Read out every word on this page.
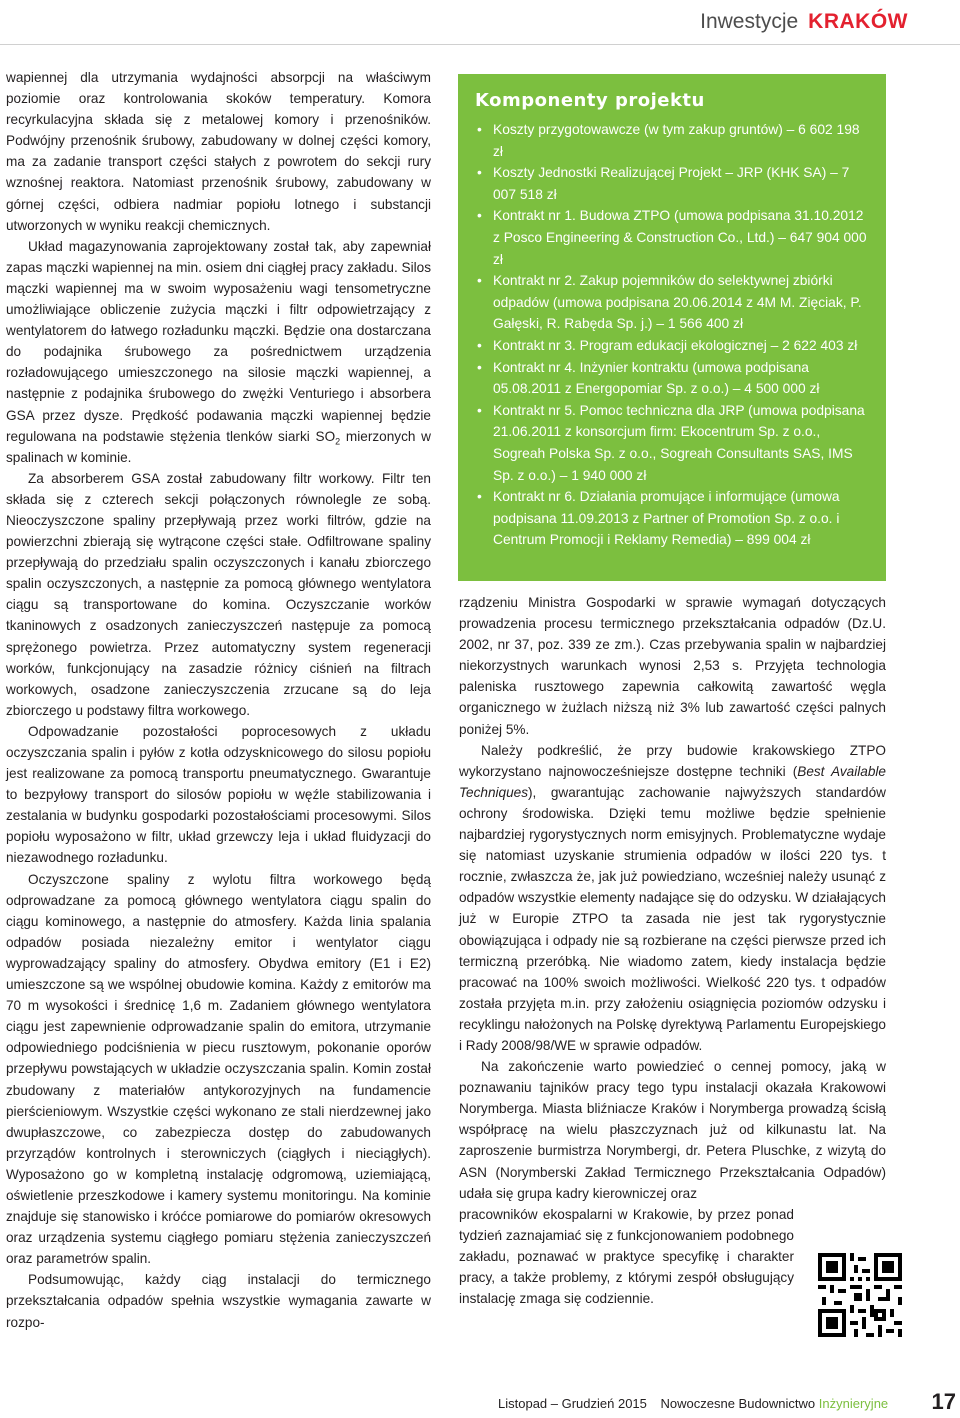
Inwestycje KRAKÓW

wapiennej dla utrzymania wydajności absorpcji na właściwym poziomie oraz kontrolowania skoków temperatury. Komora recyrkulacyjna składa się z metalowej komory i przenośników. Podwójny przenośnik śrubowy, zabudowany w dolnej części komory, ma za zadanie transport części stałych z powrotem do sekcji rury wznośnej reaktora. Natomiast przenośnik śrubowy, zabudowany w górnej części, odbiera nadmiar popiołu lotnego i substancji utworzonych w wyniku reakcji chemicznych.

Układ magazynowania zaprojektowany został tak, aby zapewniał zapas mączki wapiennej na min. osiem dni ciągłej pracy zakładu. Silos mączki wapiennej ma w swoim wyposażeniu wagi tensometryczne umożliwiające obliczenie zużycia mączki i filtr odpowietrzający z wentylatorem do łatwego rozładunku mączki. Będzie ona dostarczana do podajnika śrubowego za pośrednictwem urządzenia rozładowującego umieszczonego na silosie mączki wapiennej, a następnie z podajnika śrubowego do zwężki Venturiego i absorbera GSA przez dysze. Prędkość podawania mączki wapiennej będzie regulowana na podstawie stężenia tlenków siarki $SO_2$ mierzonych w spalinach w kominie.

Za absorberem GSA został zabudowany filtr workowy. Filtr ten składa się z czterech sekcji połączonych równolegle ze sobą. Nieoczyszczone spaliny przepływają przez worki filtrów, gdzie na powierzchni zbierają się wytrącone części stałe. Odfiltrowane spaliny przepływają do przedziału spalin oczyszczonych i kanału zbiorczego spalin oczyszczonych, a następnie za pomocą głównego wentylatora ciągu są transportowane do komina. Oczyszczanie worków tkaninowych z osadzonych zanieczyszczeń następuje za pomocą sprężonego powietrza. Przez automatyczny system regeneracji worków, funkcjonujący na zasadzie różnicy ciśnień na filtrach workowych, osadzone zanieczyszczenia zrzucane są do leja zbiorczego u podstawy filtra workowego.

Odpowadzanie pozostałości poprocesowych z układu oczyszczania spalin i pyłów z kotła odzysknicowego do silosu popiołu jest realizowane za pomocą transportu pneumatycznego. Gwarantuje to bezpyłowy transport do silosów popiołu w węźle stabilizowania i zestalania w budynku gospodarki pozostałościami procesowymi. Silos popiołu wyposażono w filtr, układ grzewczy leja i układ fluidyzacji do niezawodnego rozładunku.

Oczyszczone spaliny z wylotu filtra workowego będą odprowadzane za pomocą głównego wentylatora ciągu spalin do ciągu kominowego, a następnie do atmosfery. Każda linia spalania odpadów posiada niezależny emitor i wentylator ciągu wyprowadzający spaliny do atmosfery. Obydwa emitory (E1 i E2) umieszczone są we wspólnej obudowie komina. Każdy z emitorów ma 70 m wysokości i średnicę 1,6 m. Zadaniem głównego wentylatora ciągu jest zapewnienie odprowadzanie spalin do emitora, utrzymanie odpowiedniego podciśnienia w piecu rusztowym, pokonanie oporów przepływu powstających w układzie oczyszczania spalin. Komin został zbudowany z materiałów antykorozyjnych na fundamencie pierścieniowym. Wszystkie części wykonano ze stali nierdzewnej jako dwupłaszczowe, co zabezpiecza dostęp do zabudowanych przyrządów kontrolnych i sterowniczych (ciągłych i nieciągłych). Wyposażono go w kompletną instalację odgromową, uziemiającą, oświetlenie przeszkodowe i kamery systemu monitoringu. Na kominie znajduje się stanowisko i króćce pomiarowe do pomiarów okresowych oraz urządzenia systemu ciągłego pomiaru stężenia zanieczyszczeń oraz parametrów spalin.

Podsumowując, każdy ciąg instalacji do termicznego przekształcania odpadów spełnia wszystkie wymagania zawarte w rozpo-

Komponenty projektu
• Koszty przygotowawcze (w tym zakup gruntów) – 6 602 198 zł
• Koszty Jednostki Realizującej Projekt – JRP (KHK SA) – 7 007 518 zł
• Kontrakt nr 1. Budowa ZTPO (umowa podpisana 31.10.2012 z Posco Engineering & Construction Co., Ltd.) – 647 904 000 zł
• Kontrakt nr 2. Zakup pojemników do selektywnej zbiórki odpadów (umowa podpisana 20.06.2014 z 4M M. Zięciak, P. Gałęski, R. Rabęda Sp. j.) – 1 566 400 zł
• Kontrakt nr 3. Program edukacji ekologicznej – 2 622 403 zł
• Kontrakt nr 4. Inżynier kontraktu (umowa podpisana 05.08.2011 z Energopomiar Sp. z o.o.) – 4 500 000 zł
• Kontrakt nr 5. Pomoc techniczna dla JRP (umowa podpisana 21.06.2011 z konsorcjum firm: Ekocentrum Sp. z o.o., Sogreah Polska Sp. z o.o., Sogreah Consultants SAS, IMS Sp. z o.o.) – 1 940 000 zł
• Kontrakt nr 6. Działania promujące i informujące (umowa podpisana 11.09.2013 z Partner of Promotion Sp. z o.o. i Centrum Promocji i Reklamy Remedia) – 899 004 zł

rządzeniu Ministra Gospodarki w sprawie wymagań dotyczących prowadzenia procesu termicznego przekształcania odpadów (Dz.U. 2002, nr 37, poz. 339 ze zm.). Czas przebywania spalin w najbardziej niekorzystnych warunkach wynosi 2,53 s. Przyjęta technologia paleniska rusztowego zapewnia całkowitą zawartość węgla organicznego w żużlach niższą niż 3% lub zawartość części palnych poniżej 5%.

Należy podkreślić, że przy budowie krakowskiego ZTPO wykorzystano najnowocześniejsze dostępne techniki (Best Available Techniques), gwarantując zachowanie najwyższych standardów ochrony środowiska. Dzięki temu możliwe będzie spełnienie najbardziej rygorystycznych norm emisyjnych. Problematyczne wydaje się natomiast uzyskanie strumienia odpadów w ilości 220 tys. t rocznie, zwłaszcza że, jak już powiedziano, wcześniej należy usunąć z odpadów wszystkie elementy nadające się do odzysku. W działających już w Europie ZTPO ta zasada nie jest tak rygorystycznie obowiązująca i odpady nie są rozbierane na części pierwsze przed ich termiczną przeróbką. Nie wiadomo zatem, kiedy instalacja będzie pracować na 100% swoich możliwości. Wielkość 220 tys. t odpadów została przyjęta m.in. przy założeniu osiągnięcia poziomów odzysku i recyklingu nałożonych na Polskę dyrektywą Parlamentu Europejskiego i Rady 2008/98/WE w sprawie odpadów.

Na zakończenie warto powiedzieć o cennej pomocy, jaką w poznawaniu tajników pracy tego typu instalacji okazała Krakowowi Norymberga. Miasta bliźniacze Kraków i Norymberga prowadzą ścisłą współpracę na wielu płaszczyznach już od kilkunastu lat. Na zaproszenie burmistrza Norymbergi, dr. Petera Pluschke, z wizytą do ASN (Norymberski Zakład Termicznego Przekształcania Odpadów) udała się grupa kadry kierowniczej oraz

pracowników ekospalarni w Krakowie, by przez ponad tydzień zaznajamiać się z funkcjonowaniem podobnego zakładu, poznawać w praktyce specyfikę i charakter pracy, a także problemy, z którymi zespół obsługujący instalację zmaga się codziennie.

Listopad – Grudzień 2015 Nowoczesne Budownictwo Inżynieryjne 17
